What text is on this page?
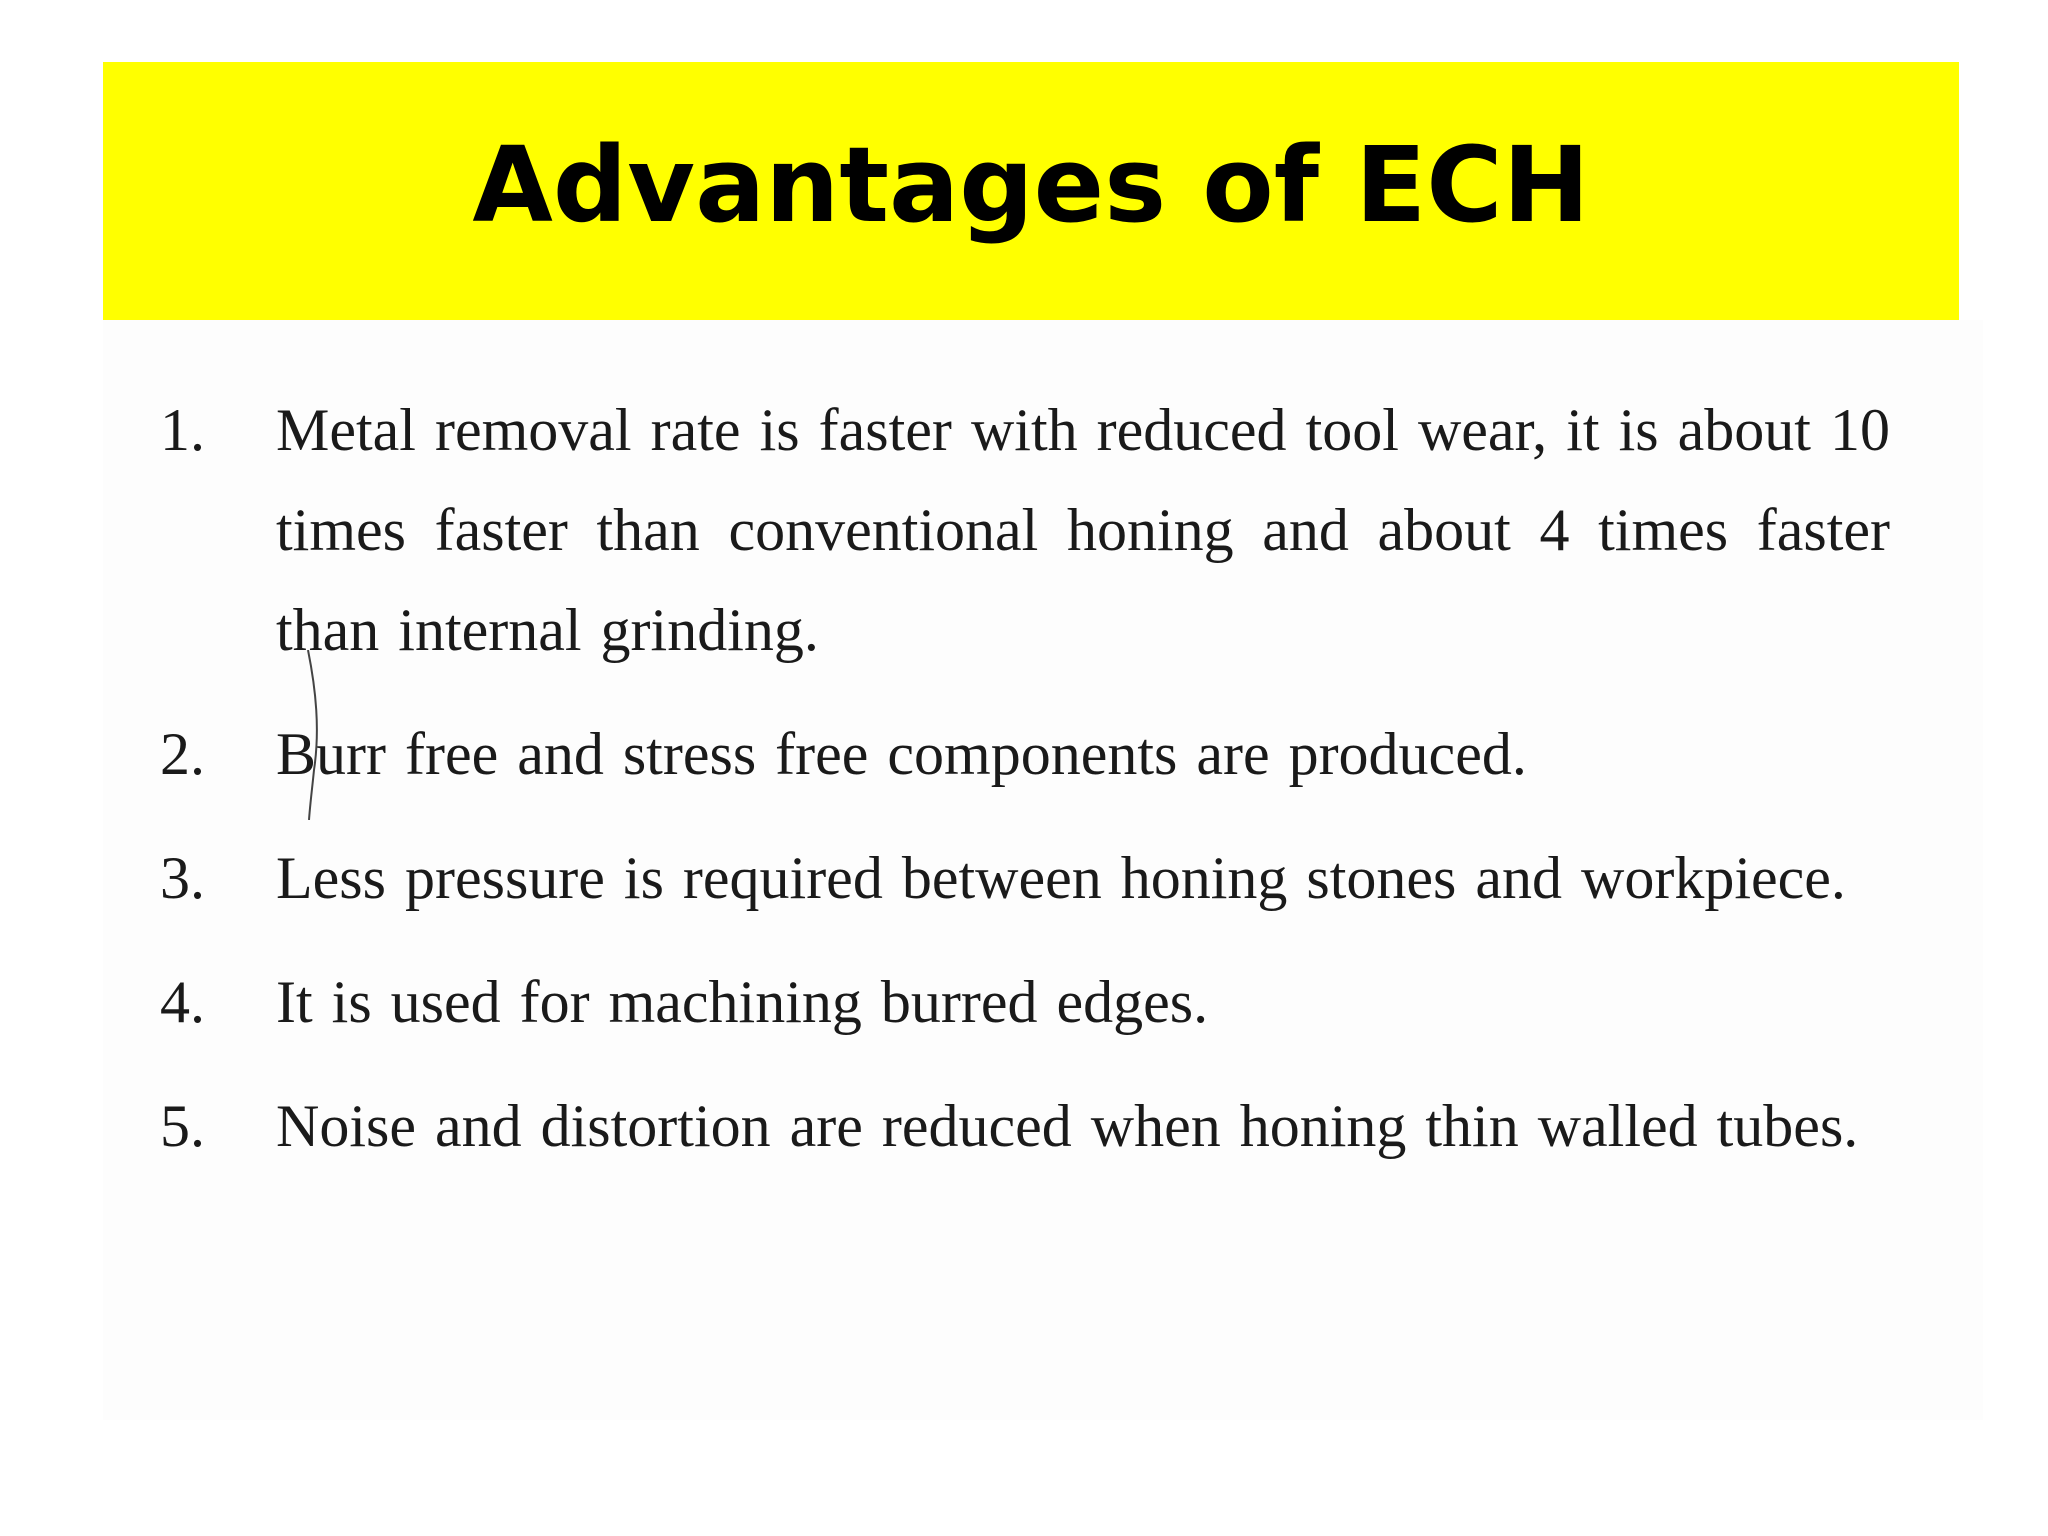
Advantages of ECH
1.	Metal removal rate is faster with reduced tool wear, it is about 10 times faster than conventional honing and about 4 times faster than internal grinding.
2.	Burr free and stress free components are produced.
3.	Less pressure is required between honing stones and workpiece.
4.	It is used for machining burred edges.
5.	Noise and distortion are reduced when honing thin walled tubes.
